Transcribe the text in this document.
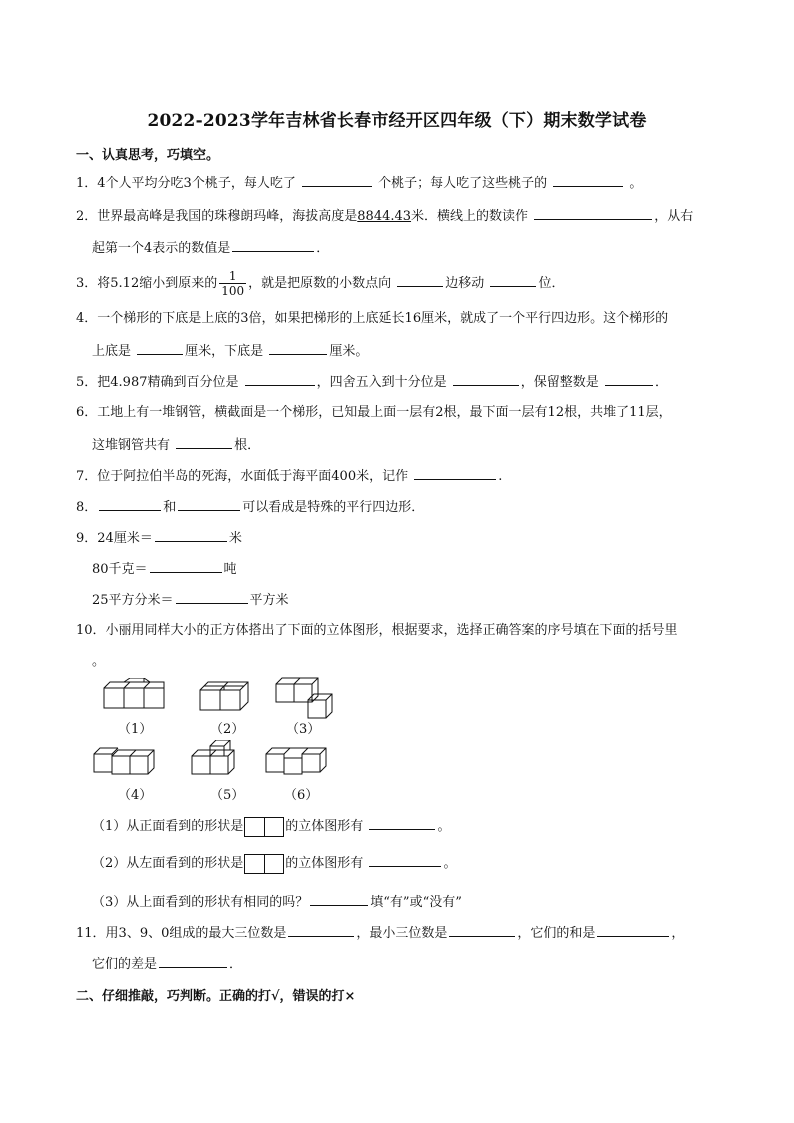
2022-2023学年吉林省长春市经开区四年级（下）期末数学试卷
一、认真思考，巧填空。
1．4个人平均分吃3个桃子，每人吃了	个桃子；每人吃了这些桃子的	。
2．世界最高峰是我国的珠穆朗玛峰，海拔高度是8844.43米．横线上的数读作	，从右
起第一个4表示的数值是	．
3．将5.12缩小到原来的 $\frac{1}{100}$ ，就是把原数的小数点向	边移动	位．
4．一个梯形的下底是上底的3倍，如果把梯形的上底延长16厘米，就成了一个平行四边形。这个梯形的
上底是	厘米，下底是	厘米。
5．把4.987精确到百分位是	，四舍五入到十分位是	，保留整数是	．
6．工地上有一堆钢管，横截面是一个梯形，已知最上面一层有2根，最下面一层有12根，共堆了11层，
这堆钢管共有	根．
7．位于阿拉伯半岛的死海，水面低于海平面400米，记作	.
8．	和	可以看成是特殊的平行四边形．
9．24厘米＝	米
80千克＝	吨
25平方分米＝	平方米
10．小丽用同样大小的正方体搭出了下面的立体图形，根据要求，选择正确答案的序号填在下面的括号里
。
（1）	（2）	（3）
（4）	（5）	（6）
（1）从正面看到的形状是	的立体图形有	。
（2）从左面看到的形状是	的立体图形有	。
（3）从上面看到的形状有相同的吗？	填“有”或“没有”
11．用3、9、0组成的最大三位数是	，最小三位数是	，它们的和是	，
它们的差是	．
二、仔细推敲，巧判断。正确的打√，错误的打×
